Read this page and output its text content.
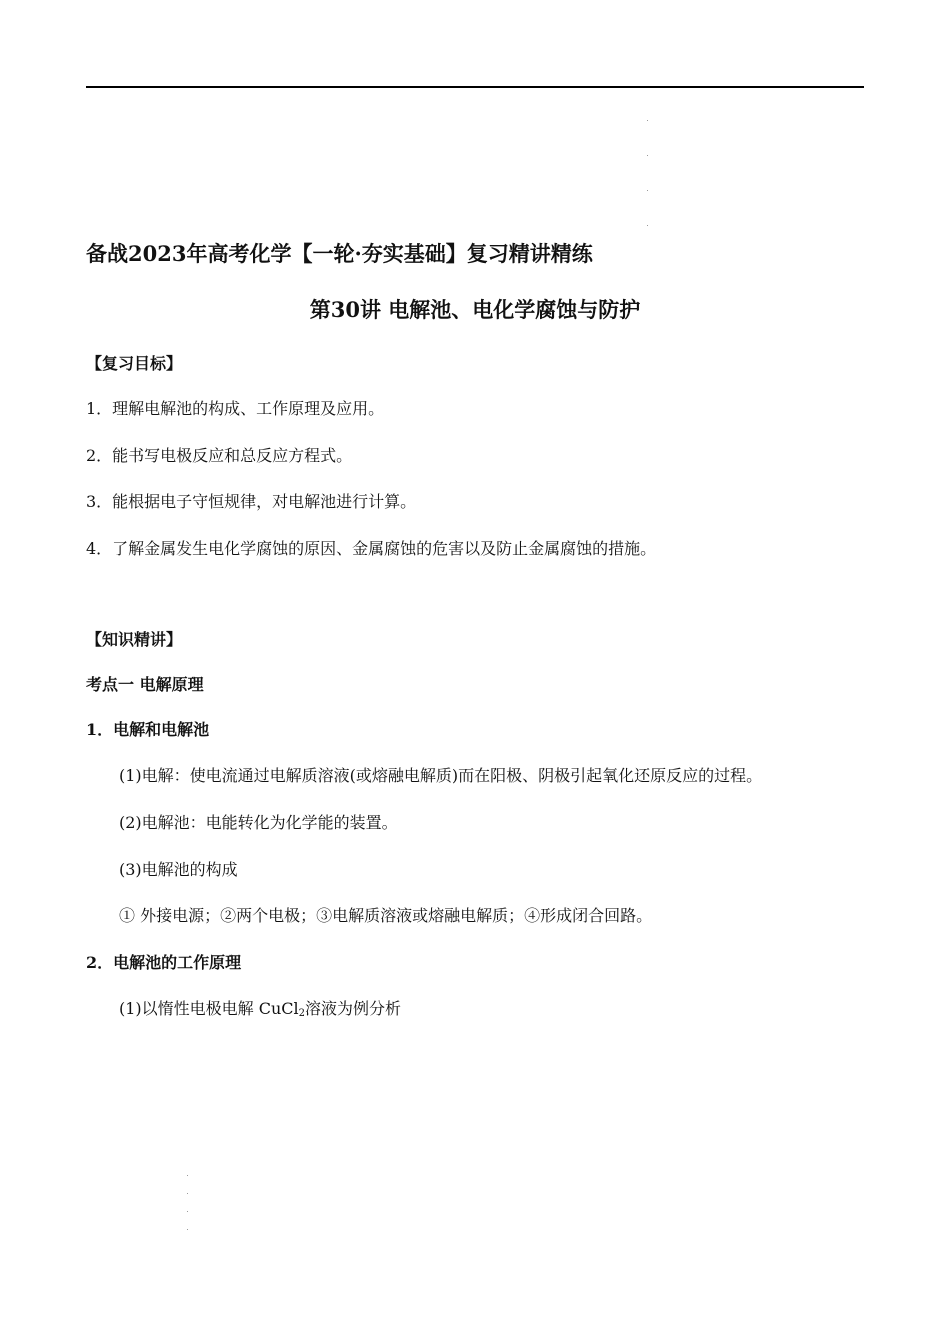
备战2023年高考化学【一轮·夯实基础】复习精讲精练
第30讲 电解池、电化学腐蚀与防护
【复习目标】
1．理解电解池的构成、工作原理及应用。
2．能书写电极反应和总反应方程式。
3．能根据电子守恒规律，对电解池进行计算。
4．了解金属发生电化学腐蚀的原因、金属腐蚀的危害以及防止金属腐蚀的措施。
【知识精讲】
考点一 电解原理
1．电解和电解池
(1)电解：使电流通过电解质溶液(或熔融电解质)而在阳极、阴极引起氧化还原反应的过程。
(2)电解池：电能转化为化学能的装置。
(3)电解池的构成
① 外接电源；②两个电极；③电解质溶液或熔融电解质；④形成闭合回路。
2．电解池的工作原理
(1)以惰性电极电解 CuCl$_2$溶液为例分析
